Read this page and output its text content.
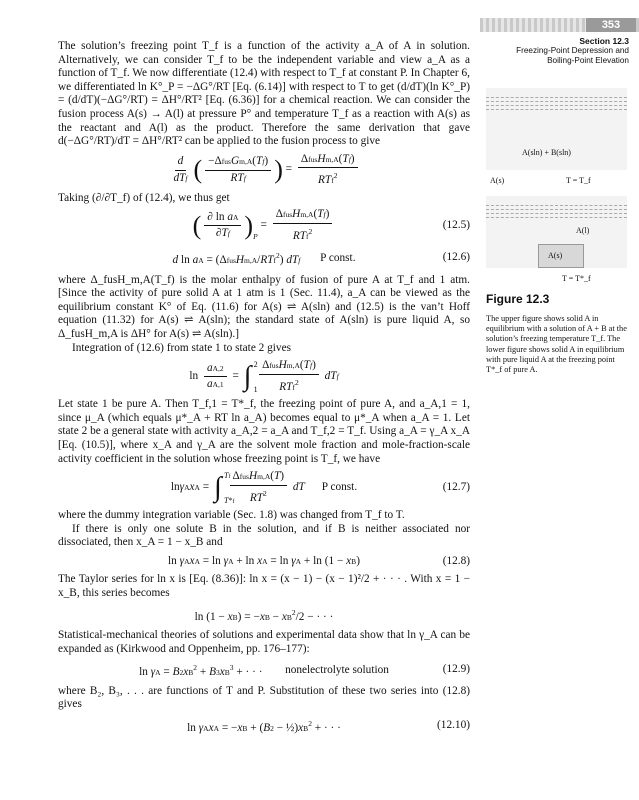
353
Section 12.3
Freezing-Point Depression and
Boiling-Point Elevation

The solution’s freezing point T_f is a function of the activity a_A of A in solution. Alternatively, we can consider T_f to be the independent variable and view a_A as a function of T_f. We now differentiate (12.4) with respect to T_f at constant P. In Chapter 6, we differentiated ln K°_P = −ΔG°/RT [Eq. (6.14)] with respect to T to get (d/dT)(ln K°_P) = (d/dT)(−ΔG°/RT) = ΔH°/RT² [Eq. (6.36)] for a chemical reaction. We can consider the fusion process A(s) → A(l) at pressure P° and temperature T_f as a reaction with A(s) as the reactant and A(l) as the product. Therefore the same derivation that gave d(−ΔG°/RT)/dT = ΔH°/RT² can be applied to the fusion process to give

$\frac{d}{\text{dTf}}$ ( $\frac{\text{−ΔfusGm,A(Tf)}}{\text{RTf}}$ ) = $\frac{\text{ΔfusHm,A(Tf)}}{RTf^2}$

Taking (∂/∂T_f) of (12.4), we thus get

( $\frac{\text{∂ ln aA}}{\partial Tf}$ ) P
= $\frac{\text{ΔfusHm,A(Tf)}}{RTf^2}$	(12.5)
d ln aA = (ΔfusHm,A/RTf$^2$) dTf	P const.	(12.6)

where Δ_fusH_m,A(T_f) is the molar enthalpy of fusion of pure A at T_f and 1 atm. [Since the activity of pure solid A at 1 atm is 1 (Sec. 11.4), a_A can be viewed as the equilibrium constant K° of Eq. (11.6) for A(s) ⇌ A(sln) and (12.5) is the van’t Hoff equation (11.32) for A(s) ⇌ A(sln); the standard state of A(sln) is pure liquid A, so Δ_fusH_m,A is ΔH° for A(s) ⇌ A(sln).]

Integration of (12.6) from state 1 to state 2 gives

$\ln \frac{aA,2}{aA,1}$ = ∫ 2
1
$\frac{\text{ΔfusHm,A(Tf)}}{RTf^2}$
dTf

Let state 1 be pure A. Then T_f,1 = T*_f, the freezing point of pure A, and a_A,1 = 1, since μ_A (which equals μ*_A + RT ln a_A) becomes equal to μ*_A when a_A = 1. Let state 2 be a general state with activity a_A,2 = a_A and T_f,2 = T_f. Using a_A = γ_A x_A [Eq. (10.5)], where x_A and γ_A are the solvent mole fraction and mole-fraction-scale activity coefficient in the solution whose freezing point is T_f, we have

ln γ A x A = ∫ Tf
T*f

$\frac{\text{ΔfusHm,A(T)}}{RT^2}$
dT
P const.	(12.7)

where the dummy integration variable (Sec. 1.8) was changed from T_f to T.

If there is only one solute B in the solution, and if B is neither associated nor dissociated, then x_A = 1 − x_B and

ln γAxA = ln γA + ln xA = ln γA + ln (1 − xB)	(12.8)

The Taylor series for ln x is [Eq. (8.36)]: ln x = (x − 1) − (x − 1)²/2 + · · · . With x = 1 − x_B, this series becomes

$\ln (1 - xB) = -xB - xB^2/2$ − · · ·

Statistical-mechanical theories of solutions and experimental data show that ln γ_A can be expanded as (Kirkwood and Oppenheim, pp. 176–177):

$\ln \gamma A = B2xB^2 + B3xB^3$ + · · · nonelectrolyte solution	(12.9)

where B₂, B₃, . . . are functions of T and P. Substitution of these two series into (12.8) gives

$\ln \gamma AxA = -xB + (B2 - \frac{1}{2})xB^2$ + · · ·	(12.10)
A(sln) + B(sln)
A(s)	T = T_f
A(l)
A(s)
T = T*_f
Figure 12.3
The upper figure shows solid A in equilibrium with a solution of A + B at the solution’s freezing temperature T_f. The lower figure shows solid A in equilibrium with pure liquid A at the freezing point T*_f of pure A.
